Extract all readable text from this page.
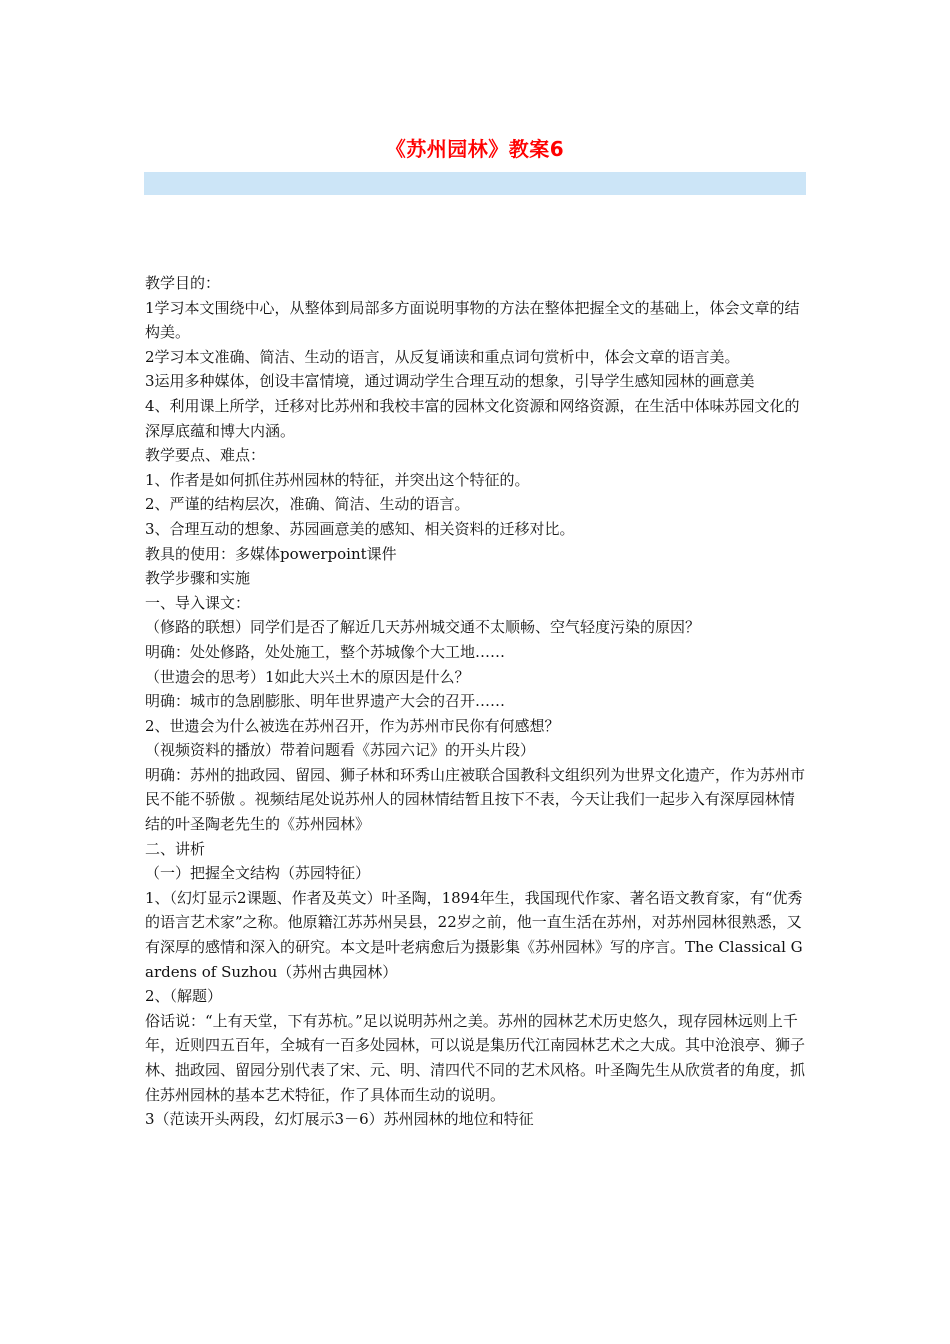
《苏州园林》教案6

教学目的：

1学习本文围绕中心，从整体到局部多方面说明事物的方法在整体把握全文的基础上，体会文章的结构美。

2学习本文准确、简洁、生动的语言，从反复诵读和重点词句赏析中，体会文章的语言美。

3运用多种媒体，创设丰富情境，通过调动学生合理互动的想象，引导学生感知园林的画意美

4、利用课上所学，迁移对比苏州和我校丰富的园林文化资源和网络资源，在生活中体味苏园文化的深厚底蕴和博大内涵。

教学要点、难点：

1、作者是如何抓住苏州园林的特征，并突出这个特征的。

2、严谨的结构层次，准确、简洁、生动的语言。

3、合理互动的想象、苏园画意美的感知、相关资料的迁移对比。

教具的使用：多媒体powerpoint课件

教学步骤和实施

一、导入课文：

（修路的联想）同学们是否了解近几天苏州城交通不太顺畅、空气轻度污染的原因？

明确：处处修路，处处施工，整个苏城像个大工地……

（世遗会的思考）1如此大兴土木的原因是什么？

明确：城市的急剧膨胀、明年世界遗产大会的召开……

2、世遗会为什么被选在苏州召开，作为苏州市民你有何感想？

（视频资料的播放）带着问题看《苏园六记》的开头片段）

明确：苏州的拙政园、留园、狮子林和环秀山庄被联合国教科文组织列为世界文化遗产，作为苏州市民不能不骄傲 。视频结尾处说苏州人的园林情结暂且按下不表，今天让我们一起步入有深厚园林情结的叶圣陶老先生的《苏州园林》

二、讲析

（一）把握全文结构（苏园特征）

1、（幻灯显示2课题、作者及英文）叶圣陶，1894年生，我国现代作家、著名语文教育家，有“优秀的语言艺术家”之称。他原籍江苏苏州吴县，22岁之前，他一直生活在苏州，对苏州园林很熟悉，又有深厚的感情和深入的研究。本文是叶老病愈后为摄影集《苏州园林》写的序言。The Classical Gardens of Suzhou（苏州古典园林）

2、（解题）

俗话说：“上有天堂，下有苏杭。”足以说明苏州之美。苏州的园林艺术历史悠久，现存园林远则上千年，近则四五百年，全城有一百多处园林，可以说是集历代江南园林艺术之大成。其中沧浪亭、狮子林、拙政园、留园分别代表了宋、元、明、清四代不同的艺术风格。叶圣陶先生从欣赏者的角度，抓住苏州园林的基本艺术特征，作了具体而生动的说明。

3（范读开头两段，幻灯展示3－6）苏州园林的地位和特征
